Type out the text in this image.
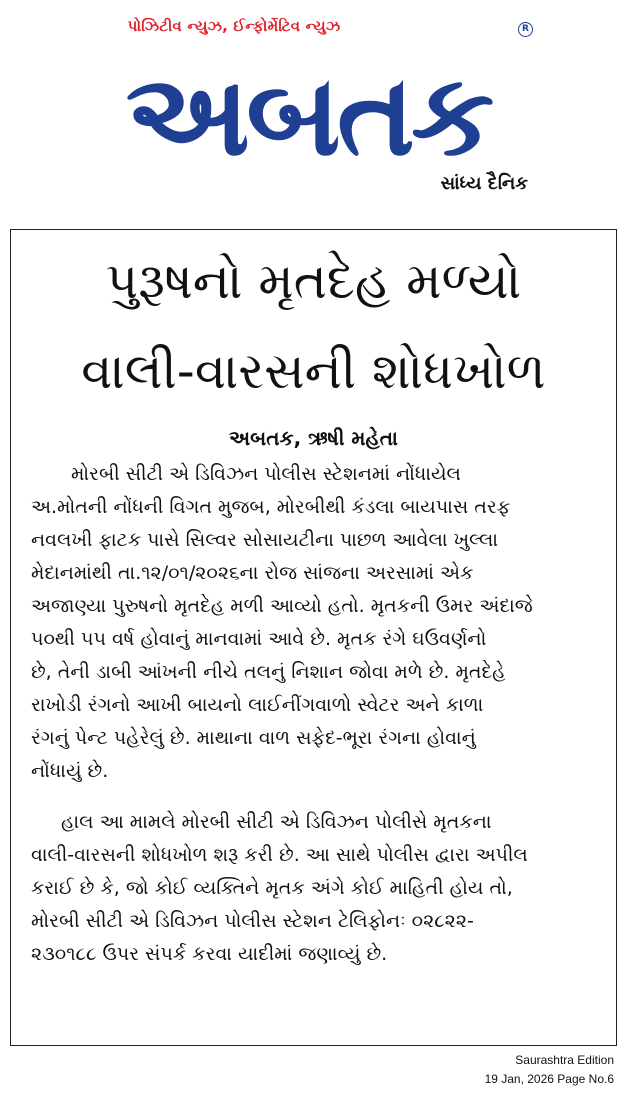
પોઝિટીવ ન્યુઝ, ઈન્ફોર્મેટિવ ન્યુઝ	R
અબતક
સાંધ્ય દૈનિક
પુરૂષનો મૃતદેહ મળ્યો
વાલી-વારસની શોધખોળ
અબતક, ઋષી મહેતા
મોરબી સીટી એ ડિવિઝન પોલીસ સ્ટેશનમાં નોંધાયેલ
અ.મોતની નોંધની વિગત મુજબ, મોરબીથી કંડલા બાયપાસ તરફ
નવલખી ફાટક પાસે સિલ્વર સોસાયટીના પાછળ આવેલા ખુલ્લા
મેદાનમાંથી તા.૧૨/૦૧/૨૦૨૬ના રોજ સાંજના અરસામાં એક
અજાણ્યા પુરુષનો મૃતદેહ મળી આવ્યો હતો. મૃતકની ઉંમર અંદાજે
૫૦થી ૫૫ વર્ષ હોવાનું માનવામાં આવે છે. મૃતક રંગે ઘઉંવર્ણનો
છે, તેની ડાબી આંખની નીચે તલનું નિશાન જોવા મળે છે. મૃતદેહે
રાખોડી રંગનો આખી બાયનો લાઈનીંગવાળો સ્વેટર અને કાળા
રંગનું પેન્ટ પહેરેલું છે. માથાના વાળ સફેદ-ભૂરા રંગના હોવાનું
નોંધાયું છે.
હાલ આ મામલે મોરબી સીટી એ ડિવિઝન પોલીસે મૃતકના
વાલી-વારસની શોધખોળ શરૂ કરી છે. આ સાથે પોલીસ દ્વારા અપીલ
કરાઈ છે કે, જો કોઈ વ્યક્તિને મૃતક અંગે કોઈ માહિતી હોય તો,
મોરબી સીટી એ ડિવિઝન પોલીસ સ્ટેશન ટેલિફોનઃ ૦૨૮૨૨-
૨૩૦૧૮૮ ઉપર સંપર્ક કરવા યાદીમાં જણાવ્યું છે.
Saurashtra Edition
19 Jan, 2026 Page No.6
